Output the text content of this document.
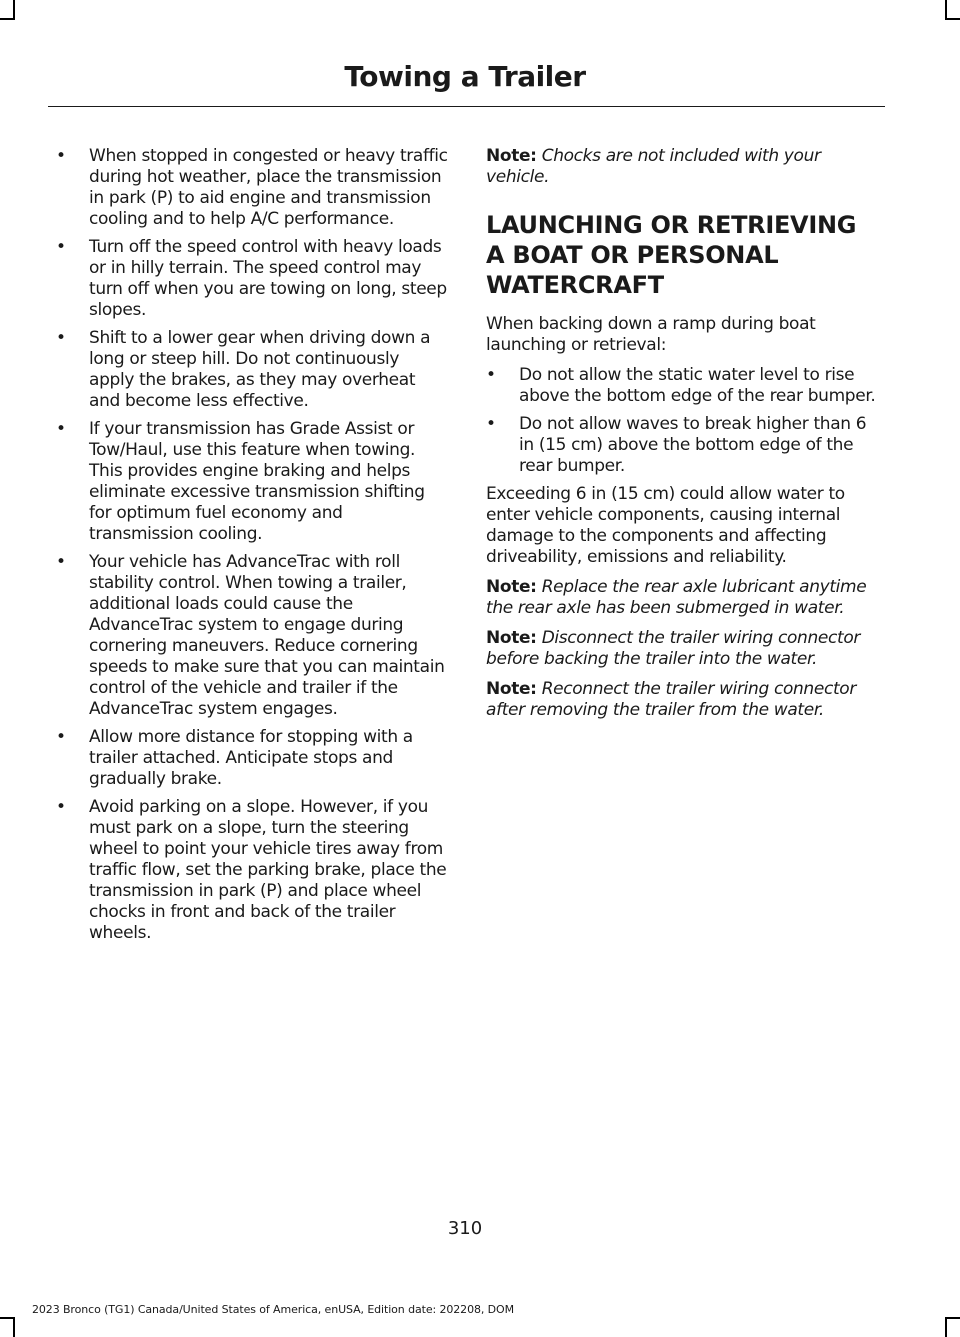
Towing a Trailer
• When stopped in congested or heavy traffic during hot weather, place the transmission in park (P) to aid engine and transmission cooling and to help A/C performance.
• Turn off the speed control with heavy loads or in hilly terrain. The speed control may turn off when you are towing on long, steep slopes.
• Shift to a lower gear when driving down a long or steep hill. Do not continuously apply the brakes, as they may overheat and become less effective.
• If your transmission has Grade Assist or Tow/Haul, use this feature when towing. This provides engine braking and helps eliminate excessive transmission shifting for optimum fuel economy and transmission cooling.
• Your vehicle has AdvanceTrac with roll stability control. When towing a trailer, additional loads could cause the AdvanceTrac system to engage during cornering maneuvers. Reduce cornering speeds to make sure that you can maintain control of the vehicle and trailer if the AdvanceTrac system engages.
• Allow more distance for stopping with a trailer attached. Anticipate stops and gradually brake.
• Avoid parking on a slope. However, if you must park on a slope, turn the steering wheel to point your vehicle tires away from traffic flow, set the parking brake, place the transmission in park (P) and place wheel chocks in front and back of the trailer wheels.

Note: Chocks are not included with your vehicle.

LAUNCHING OR RETRIEVING A BOAT OR PERSONAL WATERCRAFT

When backing down a ramp during boat launching or retrieval:

• Do not allow the static water level to rise above the bottom edge of the rear bumper.
• Do not allow waves to break higher than 6 in (15 cm) above the bottom edge of the rear bumper.

Exceeding 6 in (15 cm) could allow water to enter vehicle components, causing internal damage to the components and affecting driveability, emissions and reliability.

Note: Replace the rear axle lubricant anytime the rear axle has been submerged in water.

Note: Disconnect the trailer wiring connector before backing the trailer into the water.

Note: Reconnect the trailer wiring connector after removing the trailer from the water.

310
2023 Bronco (TG1) Canada/United States of America, enUSA, Edition date: 202208, DOM
